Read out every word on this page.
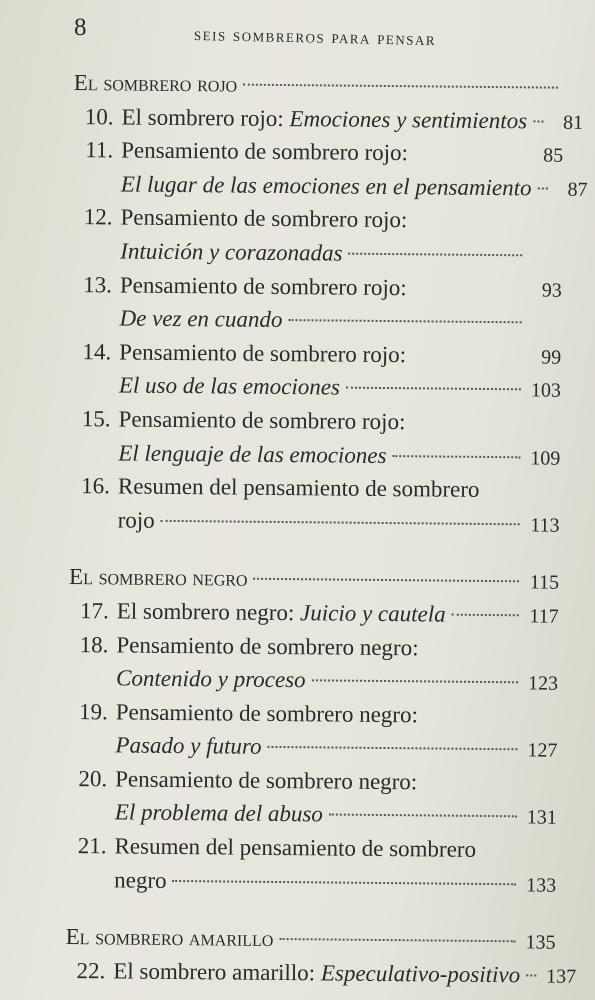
8	seis sombreros para pensar
El sombrero rojo
10. El sombrero rojo: Emociones y sentimientos	81
11. Pensamiento de sombrero rojo:	85
El lugar de las emociones en el pensamiento	87
12. Pensamiento de sombrero rojo:
Intuición y corazonadas
13. Pensamiento de sombrero rojo:	93
De vez en cuando
14. Pensamiento de sombrero rojo:	99
El uso de las emociones	103
15. Pensamiento de sombrero rojo:
El lenguaje de las emociones	109
16. Resumen del pensamiento de sombrero
rojo	113
El sombrero negro	115
17. El sombrero negro: Juicio y cautela	117
18. Pensamiento de sombrero negro:
Contenido y proceso	123
19. Pensamiento de sombrero negro:
Pasado y futuro	127
20. Pensamiento de sombrero negro:
El problema del abuso	131
21. Resumen del pensamiento de sombrero
negro	133
El sombrero amarillo	135
22. El sombrero amarillo: Especulativo-positivo 137
